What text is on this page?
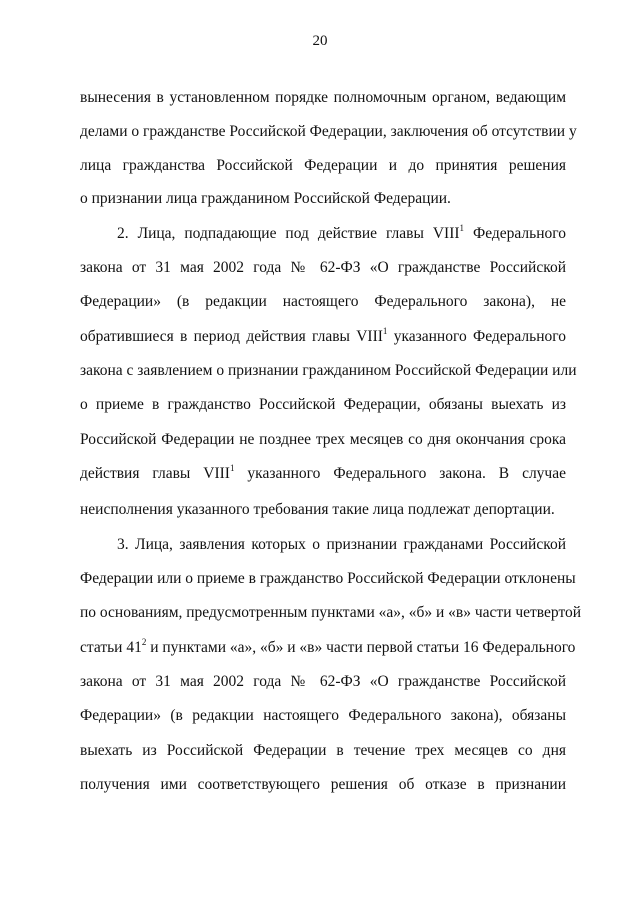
20
вынесения в установленном порядке полномочным органом, ведающим
делами о гражданстве Российской Федерации, заключения об отсутствии у
лица гражданства Российской Федерации и до принятия решения
о признании лица гражданином Российской Федерации.
2. Лица, подпадающие под действие главы VIII$^1$ Федерального
закона от 31 мая 2002 года № 62-ФЗ «О гражданстве Российской
Федерации» (в редакции настоящего Федерального закона), не
обратившиеся в период действия главы VIII$^1$ указанного Федерального
закона с заявлением о признании гражданином Российской Федерации или
о приеме в гражданство Российской Федерации, обязаны выехать из
Российской Федерации не позднее трех месяцев со дня окончания срока
действия главы VIII$^1$ указанного Федерального закона. В случае
неисполнения указанного требования такие лица подлежат депортации.
3. Лица, заявления которых о признании гражданами Российской
Федерации или о приеме в гражданство Российской Федерации отклонены
по основаниям, предусмотренным пунктами «а», «б» и «в» части четвертой
статьи $41^2$ и пунктами «а», «б» и «в» части первой статьи 16 Федерального
закона от 31 мая 2002 года № 62-ФЗ «О гражданстве Российской
Федерации» (в редакции настоящего Федерального закона), обязаны
выехать из Российской Федерации в течение трех месяцев со дня
получения ими соответствующего решения об отказе в признании
